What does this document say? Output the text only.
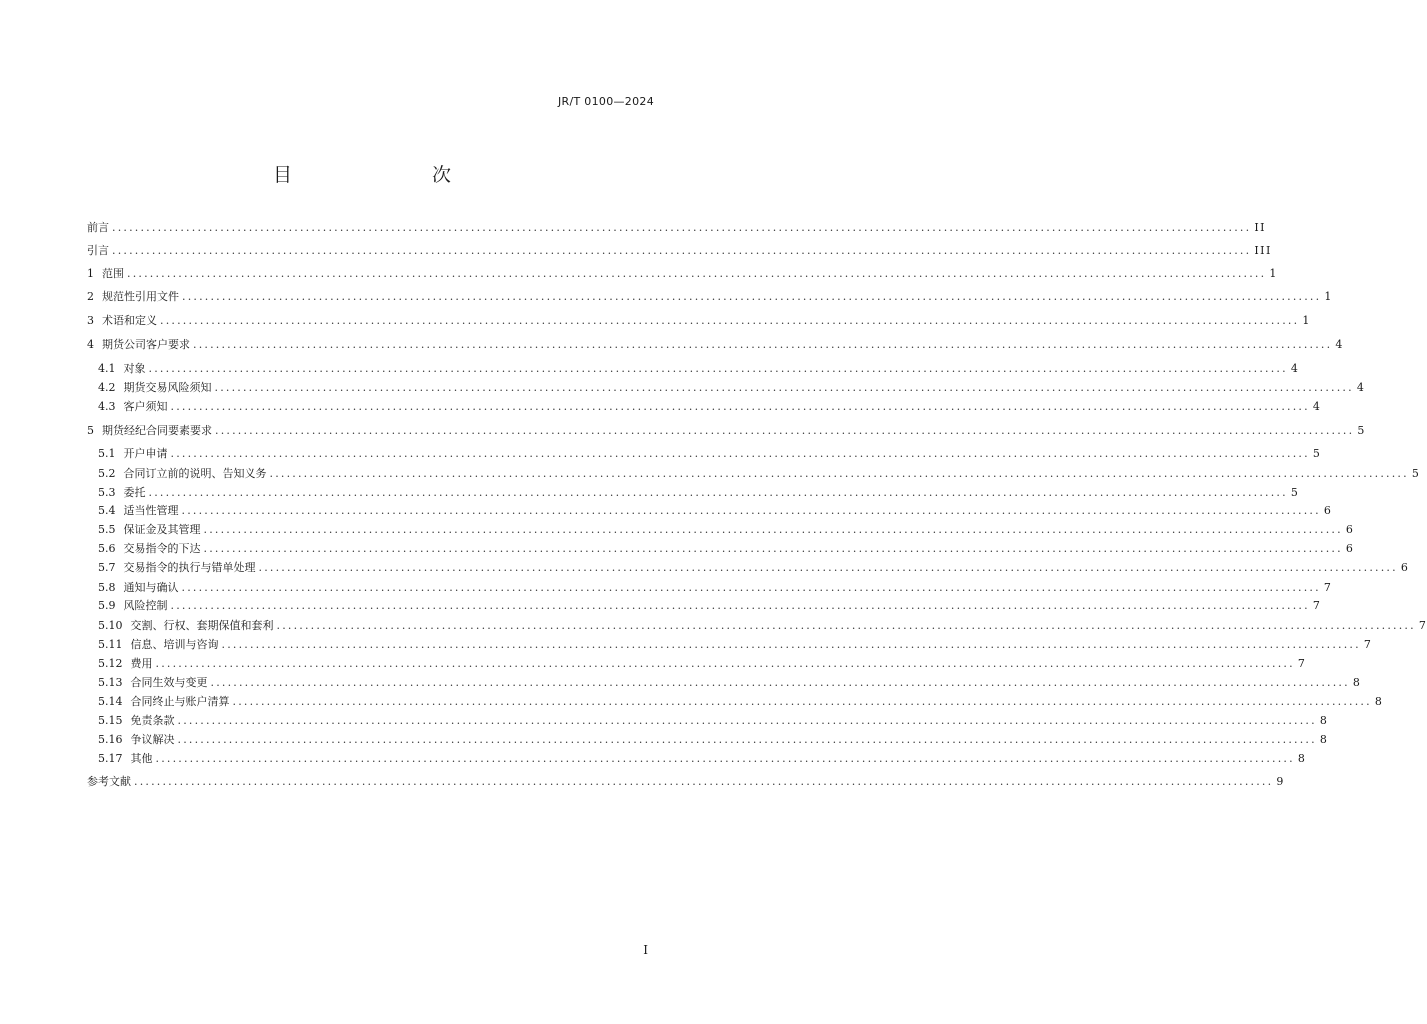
JR/T 0100—2024
目　　次
前言 ........................................................................................................................................................................................................ II
引言 ........................................................................................................................................................................................................ III
1 范围 ........................................................................................................................................................................................................ 1
2 规范性引用文件 ........................................................................................................................................................................................................ 1
3 术语和定义 ........................................................................................................................................................................................................ 1
4 期货公司客户要求 ........................................................................................................................................................................................................ 4
4.1 对象 ........................................................................................................................................................................................................ 4
4.2 期货交易风险须知 ........................................................................................................................................................................................................ 4
4.3 客户须知 ........................................................................................................................................................................................................ 4
5 期货经纪合同要素要求 ........................................................................................................................................................................................................ 5
5.1 开户申请 ........................................................................................................................................................................................................ 5
5.2 合同订立前的说明、告知义务 ........................................................................................................................................................................................................ 5
5.3 委托 ........................................................................................................................................................................................................ 5
5.4 适当性管理 ........................................................................................................................................................................................................ 6
5.5 保证金及其管理 ........................................................................................................................................................................................................ 6
5.6 交易指令的下达 ........................................................................................................................................................................................................ 6
5.7 交易指令的执行与错单处理 ........................................................................................................................................................................................................ 6
5.8 通知与确认 ........................................................................................................................................................................................................ 7
5.9 风险控制 ........................................................................................................................................................................................................ 7
5.10 交割、行权、套期保值和套利 ........................................................................................................................................................................................................ 7
5.11 信息、培训与咨询 ........................................................................................................................................................................................................ 7
5.12 费用 ........................................................................................................................................................................................................ 7
5.13 合同生效与变更 ........................................................................................................................................................................................................ 8
5.14 合同终止与账户清算 ........................................................................................................................................................................................................ 8
5.15 免责条款 ........................................................................................................................................................................................................ 8
5.16 争议解决 ........................................................................................................................................................................................................ 8
5.17 其他 ........................................................................................................................................................................................................ 8
参考文献 ........................................................................................................................................................................................................ 9
I
